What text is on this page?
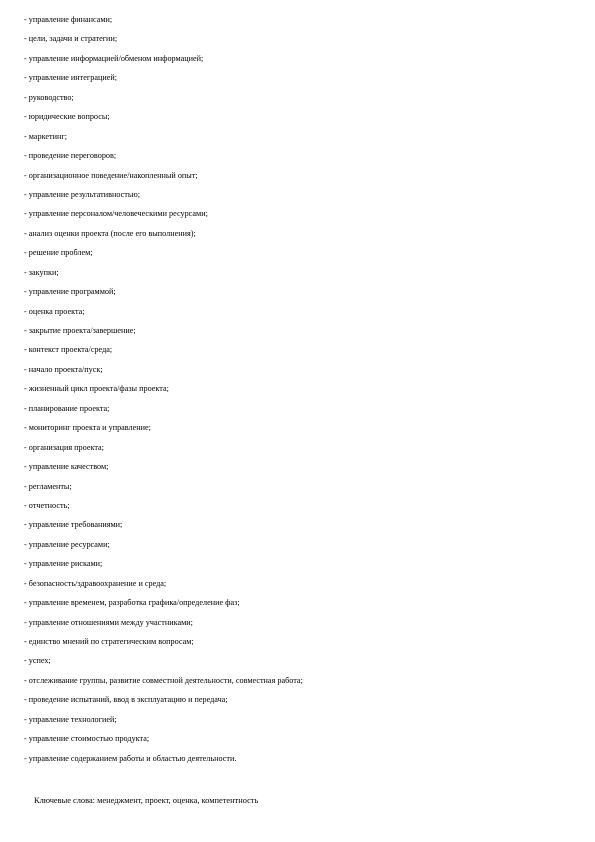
- управление финансами;
- цели, задачи и стратегии;
- управление информацией/обменом информацией;
- управление интеграцией;
- руководство;
- юридические вопросы;
- маркетинг;
- проведение переговоров;
- организационное поведение/накопленный опыт;
- управление результативностью;
- управление персоналом/человеческими ресурсами;
- анализ оценки проекта (после его выполнения);
- решение проблем;
- закупки;
- управление программой;
- оценка проекта;
- закрытие проекта/завершение;
- контекст проекта/среда;
- начало проекта/пуск;
- жизненный цикл проекта/фазы проекта;
- планирование проекта;
- мониторинг проекта и управление;
- организация проекта;
- управление качеством;
- регламенты;
- отчетность;
- управление требованиями;
- управление ресурсами;
- управление рисками;
- безопасность/здравоохранение и среда;
- управление временем, разработка графика/определение фаз;
- управление отношениями между участниками;
- единство мнений по стратегическим вопросам;
- успех;
- отслеживание группы, развитие совместной деятельности, совместная работа;
- проведение испытаний, ввод в эксплуатацию и передача;
- управление технологией;
- управление стоимостью продукта;
- управление содержанием работы и областью деятельности.
Ключевые слова: менеджмент, проект, оценка, компетентность
